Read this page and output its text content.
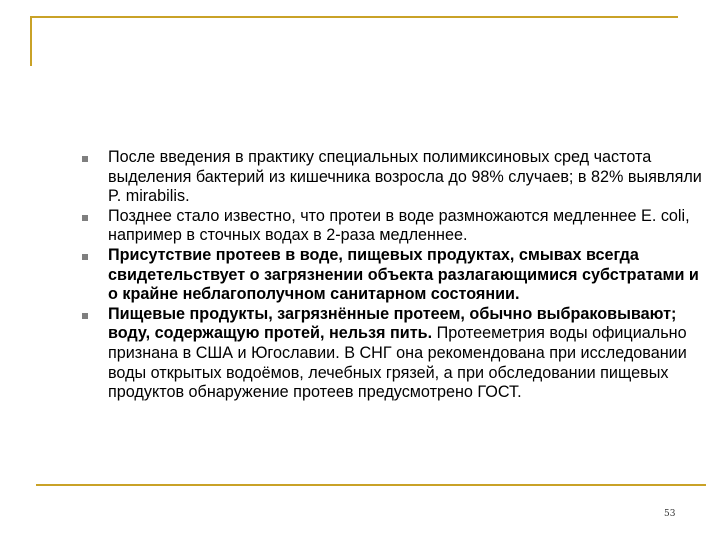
После введения в практику специальных полимиксиновых сред частота выделения бактерий из кишечника возросла до 98% случаев; в 82% выявляли P. mirabilis.
Позднее стало известно, что протеи в воде размножаются медленнее E. coli, например в сточных водах в 2-раза медленнее.
Присутствие протеев в воде, пищевых продуктах, смывах всегда свидетельствует о загрязнении объекта разлагающимися субстратами и о крайне неблагополучном санитарном состоянии.
Пищевые продукты, загрязнённые протеем, обычно выбраковывают; воду, содержащую протей, нельзя пить. Протееметрия воды официально признана в США и Югославии. В СНГ она рекомендована при исследовании воды открытых водоёмов, лечебных грязей, а при обследовании пищевых продуктов обнаружение протеев предусмотрено ГОСТ.
53
